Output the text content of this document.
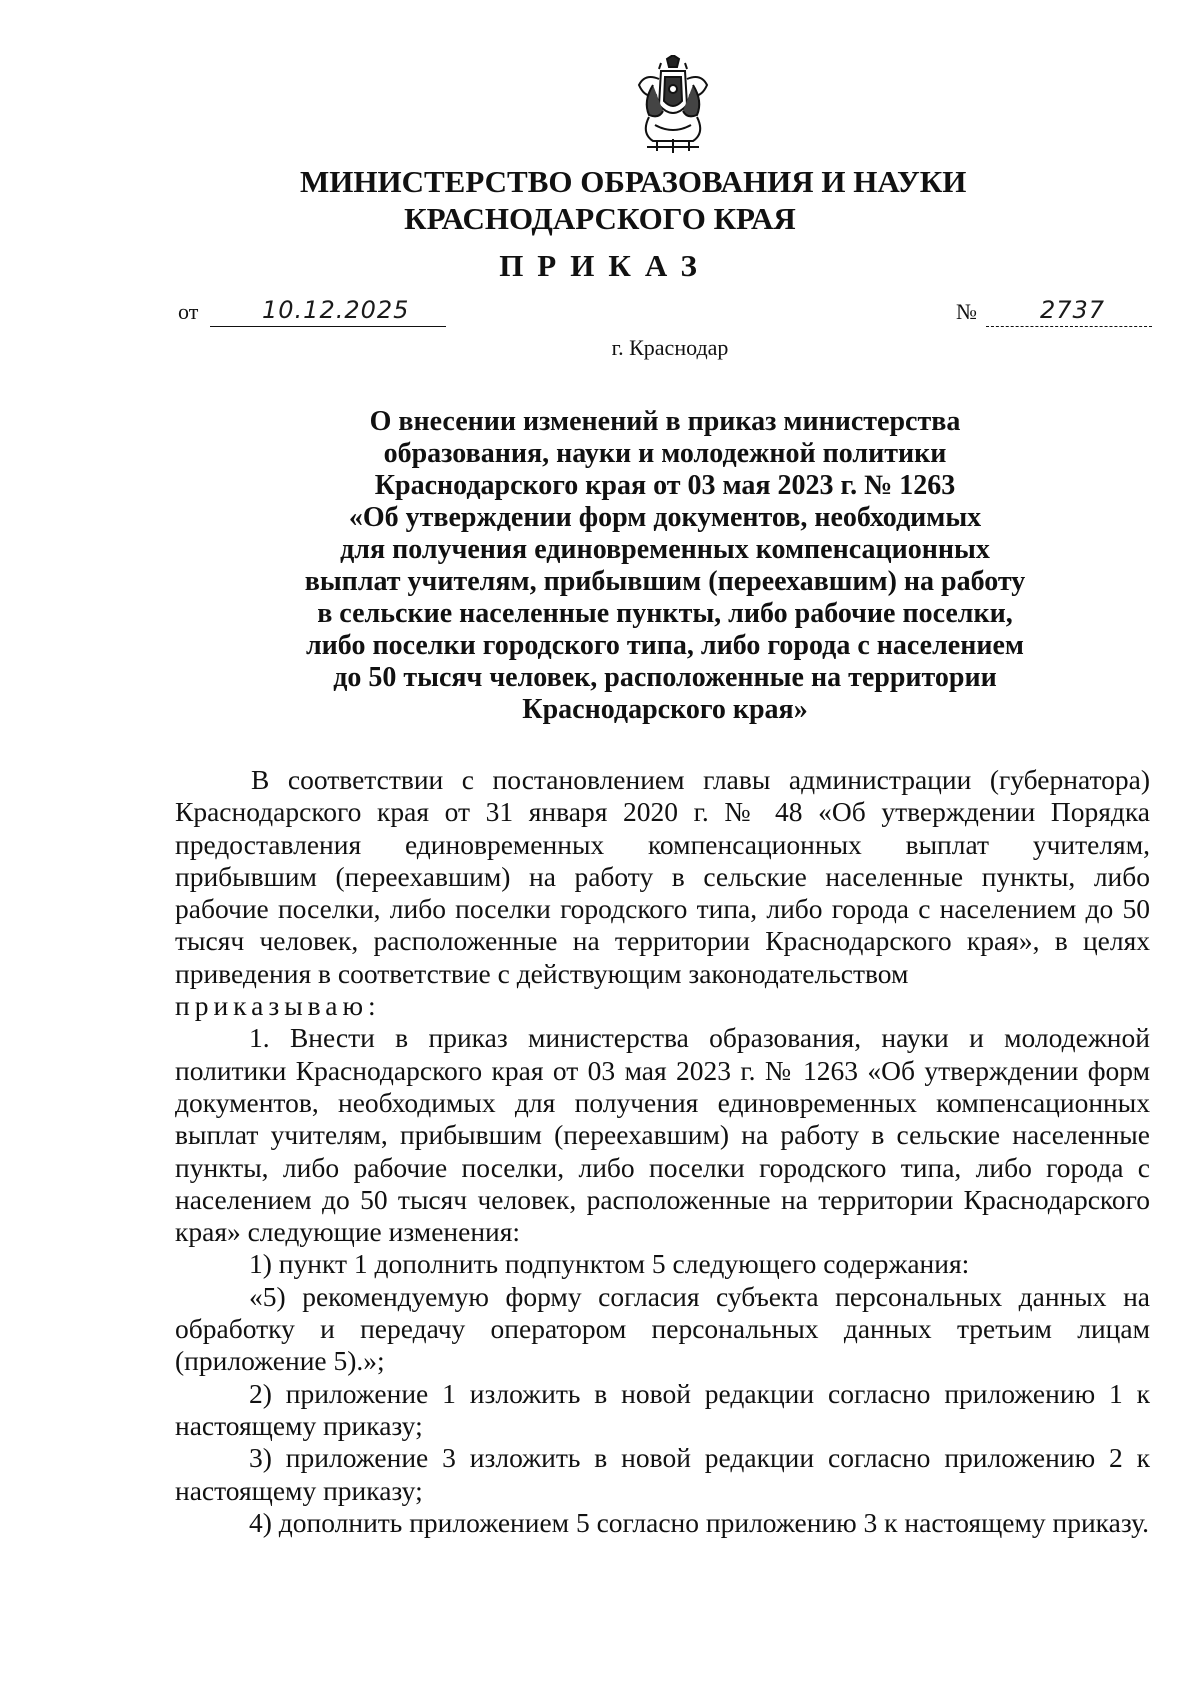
МИНИСТЕРСТВО ОБРАЗОВАНИЯ И НАУКИ
КРАСНОДАРСКОГО КРАЯ
ПРИКАЗ
от	10.12.2025	№	2737
г. Краснодар
О внесении изменений в приказ министерства
образования, науки и молодежной политики
Краснодарского края от 03 мая 2023 г. № 1263
«Об утверждении форм документов, необходимых
для получения единовременных компенсационных
выплат учителям, прибывшим (переехавшим) на работу
в сельские населенные пункты, либо рабочие поселки,
либо поселки городского типа, либо города с населением
до 50 тысяч человек, расположенные на территории
Краснодарского края»

В соответствии с постановлением главы администрации (губернатора) Краснодарского края от 31 января 2020 г. № 48 «Об утверждении Порядка предоставления единовременных компенсационных выплат учителям, прибывшим (переехавшим) на работу в сельские населенные пункты, либо рабочие поселки, либо поселки городского типа, либо города с населением до 50 тысяч человек, расположенные на территории Краснодарского края», в целях приведения в соответствие с действующим законодательством

приказываю:

1. Внести в приказ министерства образования, науки и молодежной политики Краснодарского края от 03 мая 2023 г. № 1263 «Об утверждении форм документов, необходимых для получения единовременных компенсационных выплат учителям, прибывшим (переехавшим) на работу в сельские населенные пункты, либо рабочие поселки, либо поселки городского типа, либо города с населением до 50 тысяч человек, расположенные на территории Краснодарского края» следующие изменения:

1) пункт 1 дополнить подпунктом 5 следующего содержания:

«5) рекомендуемую форму согласия субъекта персональных данных на обработку и передачу оператором персональных данных третьим лицам (приложение 5).»;

2) приложение 1 изложить в новой редакции согласно приложению 1 к настоящему приказу;

3) приложение 3 изложить в новой редакции согласно приложению 2 к настоящему приказу;

4) дополнить приложением 5 согласно приложению 3 к настоящему приказу.
